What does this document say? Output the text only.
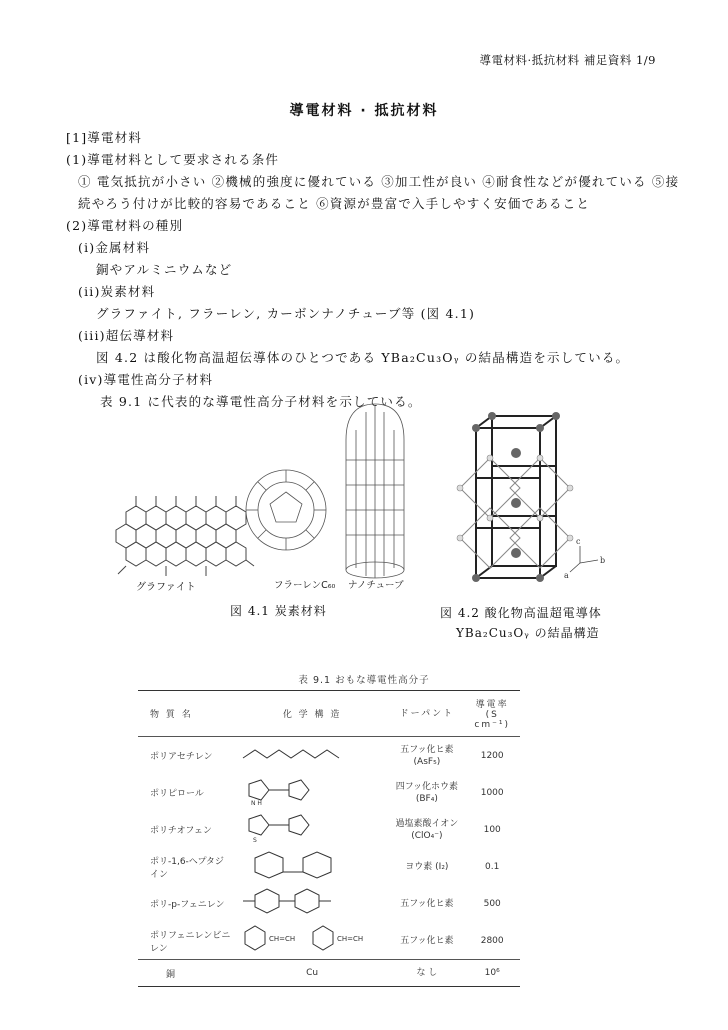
導電材料·抵抗材料 補足資料 1/9
導電材料 · 抵抗材料
[1]導電材料
(1)導電材料として要求される条件
① 電気抵抗が小さい ②機械的強度に優れている ③加工性が良い ④耐食性などが優れている ⑤接
続やろう付けが比較的容易であること ⑥資源が豊富で入手しやすく安価であること
(2)導電材料の種別
(i)金属材料
銅やアルミニウムなど
(ii)炭素材料
グラファイト, フラーレン, カーボンナノチューブ等 (図 4.1)
(iii)超伝導材料
図 4.2 は酸化物高温超伝導体のひとつである YBa₂Cu₃Oᵧ の結晶構造を示している。
(iv)導電性高分子材料
表 9.1 に代表的な導電性高分子材料を示している。
グラファイト	フラーレンC₆₀ ナノチューブ
図 4.1 炭素材料
c
b
a
図 4.2 酸化物高温超電導体
YBa₂Cu₃Oᵧ の結晶構造
表 9.1 おもな導電性高分子
物 質 名	化 学 構 造	ドーパント	導電率 (S cm⁻¹)
ポリアセチレン		五フッ化ヒ素 (AsF₅)	1200
ポリピロール	N H	四フッ化ホウ素 (BF₄)	1000
ポリチオフェン	S	過塩素酸イオン (ClO₄⁻)	100
ポリ-1,6-ヘプタジイン		ヨウ素 (I₂)	0.1
ポリ-p-フェニレン		五フッ化ヒ素	500
ポリフェニレンビニレン	CH=CH CH=CH	五フッ化ヒ素	2800
銅	Cu	な し	10⁶
